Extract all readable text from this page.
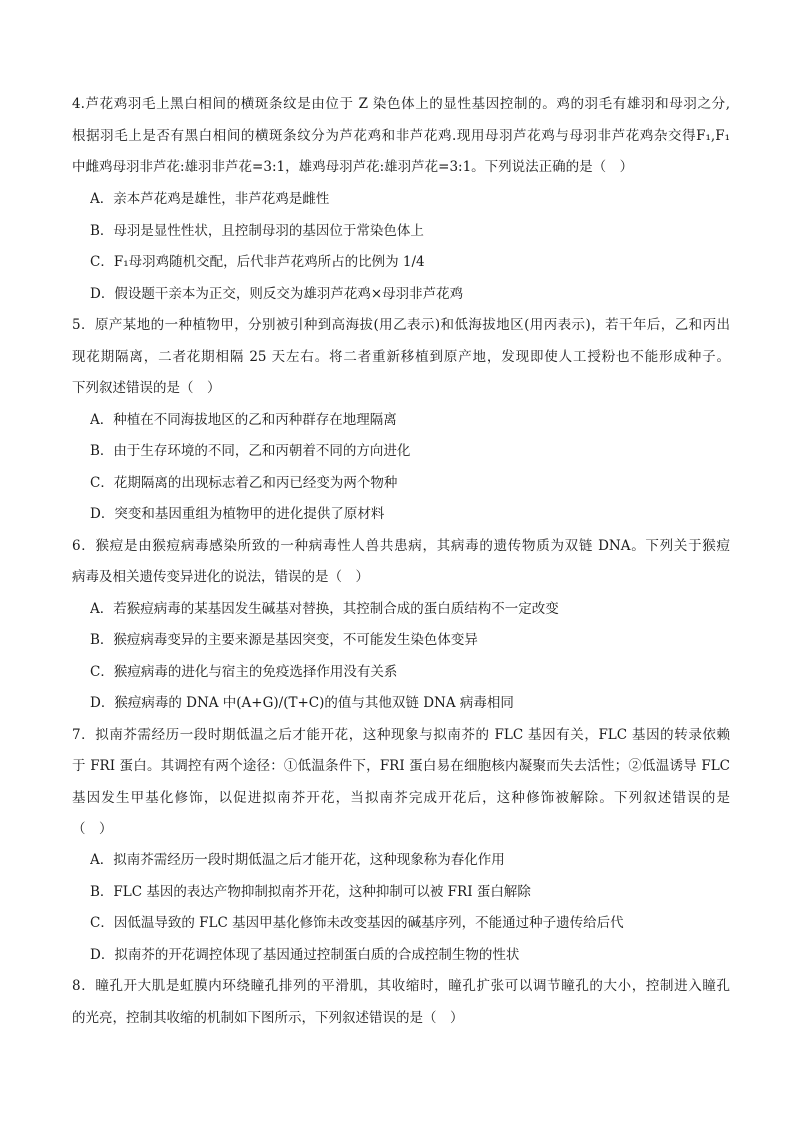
4.芦花鸡羽毛上黑白相间的横斑条纹是由位于 Z 染色体上的显性基因控制的。鸡的羽毛有雄羽和母羽之分,
根据羽毛上是否有黑白相间的横斑条纹分为芦花鸡和非芦花鸡.现用母羽芦花鸡与母羽非芦花鸡杂交得F₁,F₁
中雌鸡母羽非芦花:雄羽非芦花=3:1，雄鸡母羽芦花:雄羽芦花=3:1。下列说法正确的是（　）
A．亲本芦花鸡是雄性，非芦花鸡是雌性
B．母羽是显性性状，且控制母羽的基因位于常染色体上
C．F₁母羽鸡随机交配，后代非芦花鸡所占的比例为 1/4
D．假设题干亲本为正交，则反交为雄羽芦花鸡×母羽非芦花鸡
5．原产某地的一种植物甲，分别被引种到高海拔(用乙表示)和低海拔地区(用丙表示)，若干年后，乙和丙出
现花期隔离，二者花期相隔 25 天左右。将二者重新移植到原产地，发现即使人工授粉也不能形成种子。
下列叙述错误的是（　）
A．种植在不同海拔地区的乙和丙种群存在地理隔离
B．由于生存环境的不同，乙和丙朝着不同的方向进化
C．花期隔离的出现标志着乙和丙已经变为两个物种
D．突变和基因重组为植物甲的进化提供了原材料
6．猴痘是由猴痘病毒感染所致的一种病毒性人兽共患病，其病毒的遗传物质为双链 DNA。下列关于猴痘
病毒及相关遗传变异进化的说法，错误的是（　）
A．若猴痘病毒的某基因发生碱基对替换，其控制合成的蛋白质结构不一定改变
B．猴痘病毒变异的主要来源是基因突变，不可能发生染色体变异
C．猴痘病毒的进化与宿主的免疫选择作用没有关系
D．猴痘病毒的 DNA 中(A+G)/(T+C)的值与其他双链 DNA 病毒相同
7．拟南芥需经历一段时期低温之后才能开花，这种现象与拟南芥的 FLC 基因有关，FLC 基因的转录依赖
于 FRI 蛋白。其调控有两个途径：①低温条件下，FRI 蛋白易在细胞核内凝聚而失去活性；②低温诱导 FLC
基因发生甲基化修饰，以促进拟南芥开花，当拟南芥完成开花后，这种修饰被解除。下列叙述错误的是
（　）
A．拟南芥需经历一段时期低温之后才能开花，这种现象称为春化作用
B．FLC 基因的表达产物抑制拟南芥开花，这种抑制可以被 FRI 蛋白解除
C．因低温导致的 FLC 基因甲基化修饰未改变基因的碱基序列，不能通过种子遗传给后代
D．拟南芥的开花调控体现了基因通过控制蛋白质的合成控制生物的性状
8．瞳孔开大肌是虹膜内环绕瞳孔排列的平滑肌，其收缩时，瞳孔扩张可以调节瞳孔的大小，控制进入瞳孔
的光亮，控制其收缩的机制如下图所示，下列叙述错误的是（　）
